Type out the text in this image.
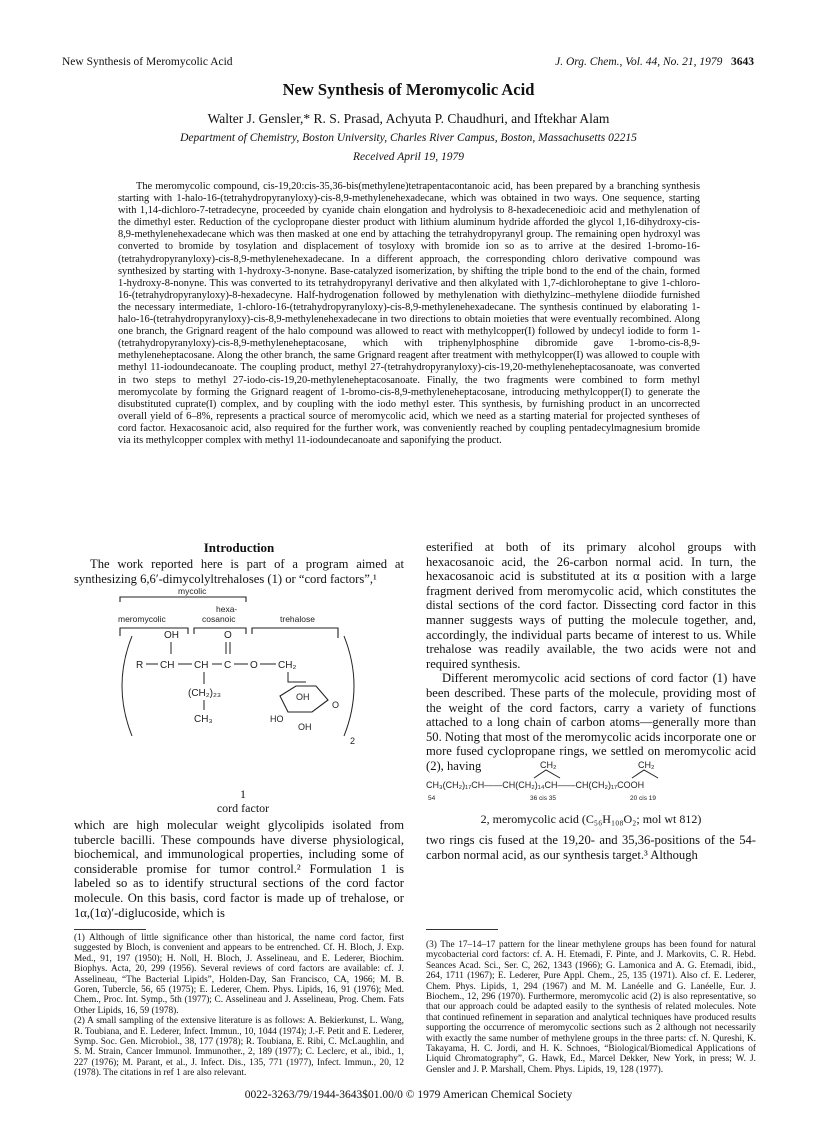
New Synthesis of Meromycolic Acid	J. Org. Chem., Vol. 44, No. 21, 1979 3643
New Synthesis of Meromycolic Acid
Walter J. Gensler,* R. S. Prasad, Achyuta P. Chaudhuri, and Iftekhar Alam
Department of Chemistry, Boston University, Charles River Campus, Boston, Massachusetts 02215
Received April 19, 1979

The meromycolic compound, cis-19,20:cis-35,36-bis(methylene)tetrapentacontanoic acid, has been prepared by a branching synthesis starting with 1-halo-16-(tetrahydropyranyloxy)-cis-8,9-methylenehexadecane, which was obtained in two ways. One sequence, starting with 1,14-dichloro-7-tetradecyne, proceeded by cyanide chain elongation and hydrolysis to 8-hexadecenedioic acid and methylenation of the dimethyl ester. Reduction of the cyclopropane diester product with lithium aluminum hydride afforded the glycol 1,16-dihydroxy-cis-8,9-methylenehexadecane which was then masked at one end by attaching the tetrahydropyranyl group. The remaining open hydroxyl was converted to bromide by tosylation and displacement of tosyloxy with bromide ion so as to arrive at the desired 1-bromo-16-(tetrahydropyranyloxy)-cis-8,9-methylenehexadecane. In a different approach, the corresponding chloro derivative compound was synthesized by starting with 1-hydroxy-3-nonyne. Base-catalyzed isomerization, by shifting the triple bond to the end of the chain, formed 1-hydroxy-8-nonyne. This was converted to its tetrahydropyranyl derivative and then alkylated with 1,7-dichloroheptane to give 1-chloro-16-(tetrahydropyranyloxy)-8-hexadecyne. Half-hydrogenation followed by methylenation with diethylzinc–methylene diiodide furnished the necessary intermediate, 1-chloro-16-(tetrahydropyranyloxy)-cis-8,9-methylenehexadecane. The synthesis continued by elaborating 1-halo-16-(tetrahydropyranyloxy)-cis-8,9-methylenehexadecane in two directions to obtain moieties that were eventually recombined. Along one branch, the Grignard reagent of the halo compound was allowed to react with methylcopper(I) followed by undecyl iodide to form 1-(tetrahydropyranyloxy)-cis-8,9-methyleneheptacosane, which with triphenylphosphine dibromide gave 1-bromo-cis-8,9-methyleneheptacosane. Along the other branch, the same Grignard reagent after treatment with methylcopper(I) was allowed to couple with methyl 11-iodoundecanoate. The coupling product, methyl 27-(tetrahydropyranyloxy)-cis-19,20-methyleneheptacosanoate, was converted in two steps to methyl 27-iodo-cis-19,20-methyleneheptacosanoate. Finally, the two fragments were combined to form methyl meromycolate by forming the Grignard reagent of 1-bromo-cis-8,9-methyleneheptacosane, introducing methylcopper(I) to generate the disubstituted cuprate(I) complex, and by coupling with the iodo methyl ester. This synthesis, by furnishing product in an uncorrected overall yield of 6–8%, represents a practical source of meromycolic acid, which we need as a starting material for projected syntheses of cord factor. Hexacosanoic acid, also required for the further work, was conveniently reached by coupling pentadecylmagnesium bromide via its methylcopper complex with methyl 11-iodoundecanoate and saponifying the product.

Introduction

The work reported here is part of a program aimed at synthesizing 6,6′-dimycolyltrehaloses (1) or “cord factors”,¹

mycolic
hexa-
meromycolic	cosanoic	trehalose
OH	O
R CH CH C O CH₂
(CH₂)₂₃
CH₃
OH
HO
OH
O
2
1
cord factor

which are high molecular weight glycolipids isolated from tubercle bacilli. These compounds have diverse physiological, biochemical, and immunological properties, including some of considerable promise for tumor control.² Formulation 1 is labeled so as to identify structural sections of the cord factor molecule. On this basis, cord factor is made up of trehalose, or 1α,(1α)′-diglucoside, which is

esterified at both of its primary alcohol groups with hexacosanoic acid, the 26-carbon normal acid. In turn, the hexacosanoic acid is substituted at its α position with a large fragment derived from meromycolic acid, which constitutes the distal sections of the cord factor. Dissecting cord factor in this manner suggests ways of putting the molecule together, and, accordingly, the individual parts became of interest to us. While trehalose was readily available, the two acids were not and required synthesis.

Different meromycolic acid sections of cord factor (1) have been described. These parts of the molecule, providing most of the weight of the cord factors, carry a variety of functions attached to a long chain of carbon atoms—generally more than 50. Noting that most of the meromycolic acids incorporate one or more fused cyclopropane rings, we settled on meromycolic acid (2), having	CH₂	CH₂
CH₃(CH₂)₁₇CH——CH(CH₂)₁₄CH——CH(CH₂)₁₇COOH
54	36 cis 35	20 cis 19
2, meromycolic acid (C₅₆H₁₀₈O₂; mol wt 812)

two rings cis fused at the 19,20- and 35,36-positions of the 54-carbon normal acid, as our synthesis target.³ Although

(1) Although of little significance other than historical, the name cord factor, first suggested by Bloch, is convenient and appears to be entrenched. Cf. H. Bloch, J. Exp. Med., 91, 197 (1950); H. Noll, H. Bloch, J. Asselineau, and E. Lederer, Biochim. Biophys. Acta, 20, 299 (1956). Several reviews of cord factors are available: cf. J. Asselineau, “The Bacterial Lipids”, Holden-Day, San Francisco, CA, 1966; M. B. Goren, Tubercle, 56, 65 (1975); E. Lederer, Chem. Phys. Lipids, 16, 91 (1976); Med. Chem., Proc. Int. Symp., 5th (1977); C. Asselineau and J. Asselineau, Prog. Chem. Fats Other Lipids, 16, 59 (1978).

(2) A small sampling of the extensive literature is as follows: A. Bekierkunst, L. Wang, R. Toubiana, and E. Lederer, Infect. Immun., 10, 1044 (1974); J.-F. Petit and E. Lederer, Symp. Soc. Gen. Microbiol., 38, 177 (1978); R. Toubiana, E. Ribi, C. McLaughlin, and S. M. Strain, Cancer Immunol. Immunother., 2, 189 (1977); C. Leclerc, et al., ibid., 1, 227 (1976); M. Parant, et al., J. Infect. Dis., 135, 771 (1977), Infect. Immun., 20, 12 (1978). The citations in ref 1 are also relevant.

(3) The 17–14–17 pattern for the linear methylene groups has been found for natural mycobacterial cord factors: cf. A. H. Etemadi, F. Pinte, and J. Markovits, C. R. Hebd. Seances Acad. Sci., Ser. C, 262, 1343 (1966); G. Lamonica and A. G. Etemadi, ibid., 264, 1711 (1967); E. Lederer, Pure Appl. Chem., 25, 135 (1971). Also cf. E. Lederer, Chem. Phys. Lipids, 1, 294 (1967) and M. M. Lanéelle and G. Lanéelle, Eur. J. Biochem., 12, 296 (1970). Furthermore, meromycolic acid (2) is also representative, so that our approach could be adapted easily to the synthesis of related molecules. Note that continued refinement in separation and analytical techniques have produced results supporting the occurrence of meromycolic sections such as 2 although not necessarily with exactly the same number of methylene groups in the three parts: cf. N. Qureshi, K. Takayama, H. C. Jordi, and H. K. Schnoes, “Biological/Biomedical Applications of Liquid Chromatography”, G. Hawk, Ed., Marcel Dekker, New York, in press; W. J. Gensler and J. P. Marshall, Chem. Phys. Lipids, 19, 128 (1977).

0022-3263/79/1944-3643$01.00/0 © 1979 American Chemical Society
